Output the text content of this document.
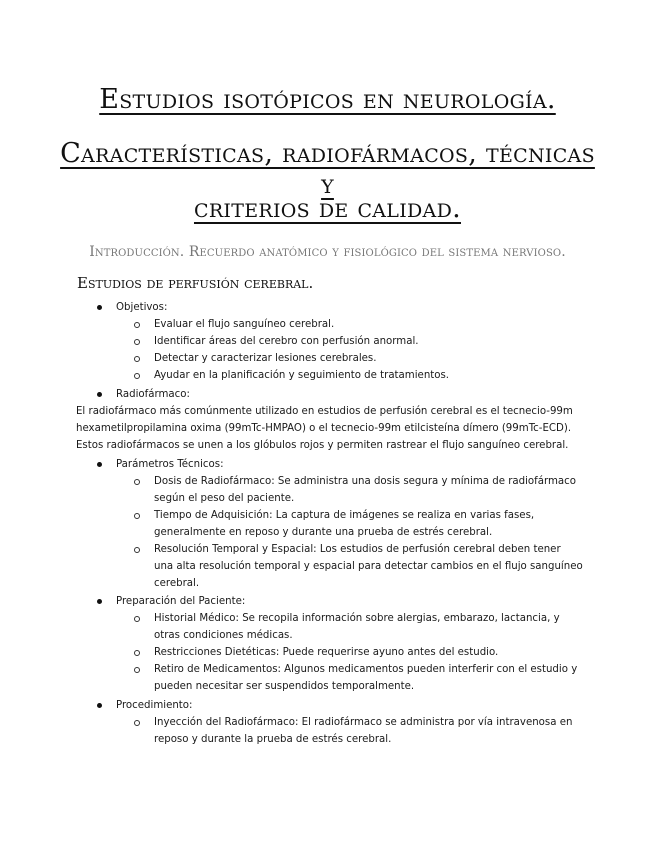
Estudios isotópicos en neurología.
Características, radiofármacos, técnicas y
criterios de calidad.
Introducción. Recuerdo anatómico y fisiológico del sistema nervioso.
Estudios de perfusión cerebral.
Objetivos:
Evaluar el flujo sanguíneo cerebral.
Identificar áreas del cerebro con perfusión anormal.
Detectar y caracterizar lesiones cerebrales.
Ayudar en la planificación y seguimiento de tratamientos.
Radiofármaco:
El radiofármaco más comúnmente utilizado en estudios de perfusión cerebral es el tecnecio-99m
hexametilpropilamina oxima (99mTc-HMPAO) o el tecnecio-99m etilcisteína dímero (99mTc-ECD).
Estos radiofármacos se unen a los glóbulos rojos y permiten rastrear el flujo sanguíneo cerebral.
Parámetros Técnicos:
Dosis de Radiofármaco: Se administra una dosis segura y mínima de radiofármaco
según el peso del paciente.
Tiempo de Adquisición: La captura de imágenes se realiza en varias fases,
generalmente en reposo y durante una prueba de estrés cerebral.
Resolución Temporal y Espacial: Los estudios de perfusión cerebral deben tener
una alta resolución temporal y espacial para detectar cambios en el flujo sanguíneo
cerebral.
Preparación del Paciente:
Historial Médico: Se recopila información sobre alergias, embarazo, lactancia, y
otras condiciones médicas.
Restricciones Dietéticas: Puede requerirse ayuno antes del estudio.
Retiro de Medicamentos: Algunos medicamentos pueden interferir con el estudio y
pueden necesitar ser suspendidos temporalmente.
Procedimiento:
Inyección del Radiofármaco: El radiofármaco se administra por vía intravenosa en
reposo y durante la prueba de estrés cerebral.
